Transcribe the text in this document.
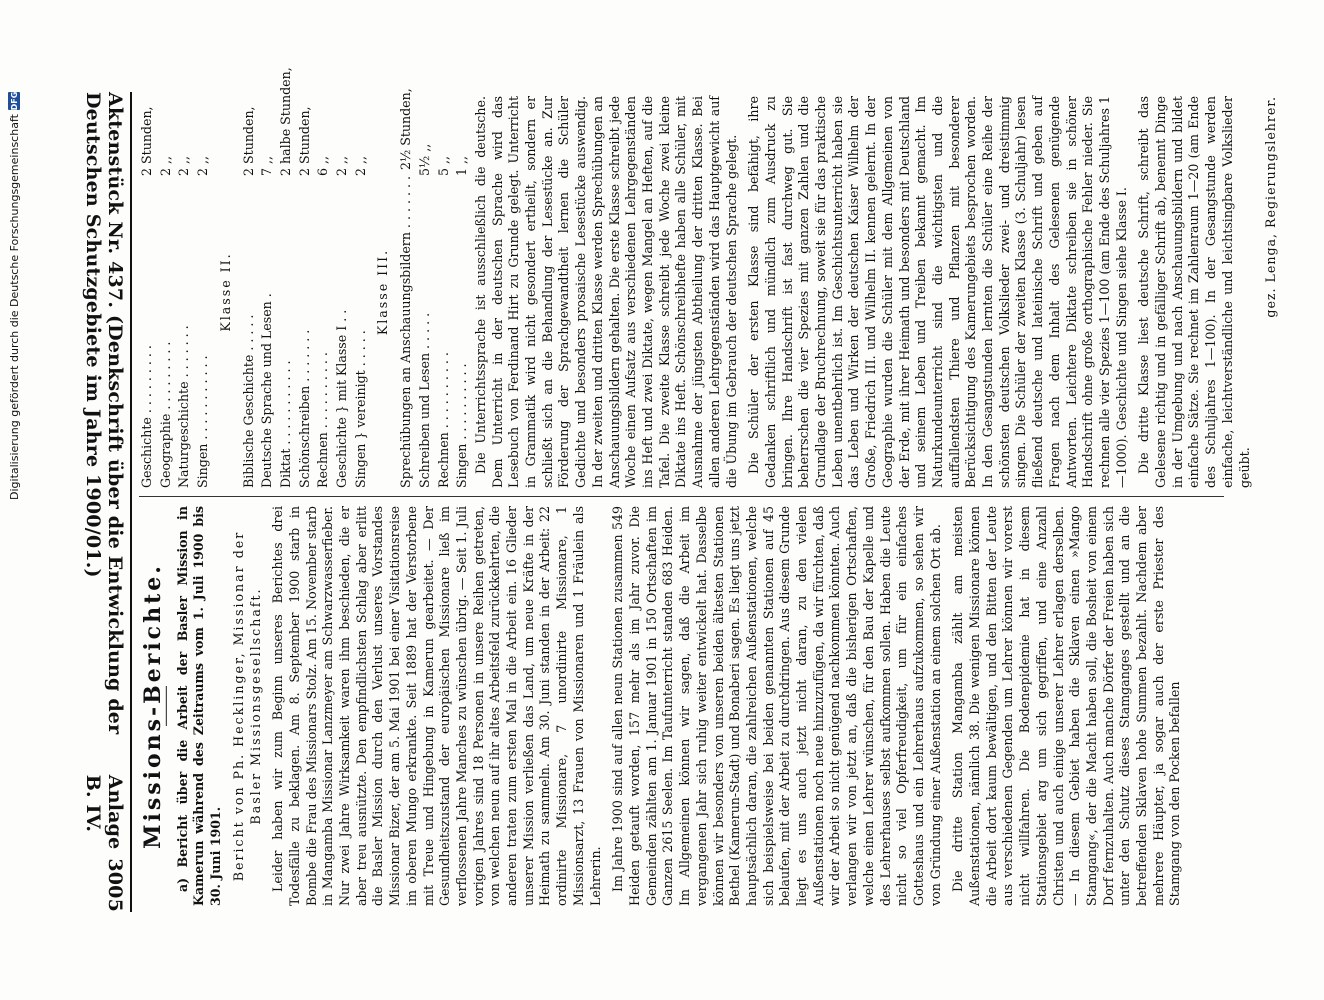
Aktenstück Nr. 437. (Denkschrift über die Entwicklung der Deutschen Schutzgebiete im Jahre 1900/01.)
Anlage B. IV.
3005
Geschichte . . . . . . . . .
2 Stunden,
Geographie . . . . . . . . .
2 ,,
Naturgeschichte . . . . . . .
2 ,,
Singen . . . . . . . . . . .
2 ,,
Klasse II.
Biblische Geschichte . . . . .
2 Stunden,
Deutsche Sprache und Lesen .
7 ,,
Diktat . . . . . . . . . . .
2 halbe Stunden,
Schönschreiben . . . . . . .
2 Stunden,
Rechnen . . . . . . . . . .
6 ,,
Geschichte } mit Klasse I . .
2 ,,
Singen } vereinigt . . . . .
2 ,,
Klasse III. Sprechübungen an Anschauungsbildern . . . . . . .
2½ Stunden,
Schreiben und Lesen . . . . .
5½ ,,
Rechnen . . . . . . . . . .
5 ,,
Singen . . . . . . . . . .
1 ,, Die Unterrichtssprache ist ausschließlich die deutsche. Dem Unterricht in der deutschen Sprache wird das Lesebuch von Ferdinand Hirt zu Grunde gelegt. Unterricht in Grammatik wird nicht gesondert ertheilt, sondern er schließt sich an die Behandlung der Lesestücke an. Zur Förderung der Sprachgewandtheit lernen die Schüler Gedichte und besonders prosaische Lesestücke auswendig. In der zweiten und dritten Klasse werden Sprechübungen an Anschauungsbildern gehalten. Die erste Klasse schreibt jede Woche einen Aufsatz aus verschiedenen Lehrgegenständen ins Heft und zwei Diktate, wegen Mangel an Heften, auf die Tafel. Die zweite Klasse schreibt jede Woche zwei kleine Diktate ins Heft. Schönschreibhefte haben alle Schüler, mit Ausnahme der jüngsten Abtheilung der dritten Klasse. Bei allen anderen Lehrgegenständen wird das Hauptgewicht auf die Übung im Gebrauch der deutschen Sprache gelegt. Die Schüler der ersten Klasse sind befähigt, ihre Gedanken schriftlich und mündlich zum Ausdruck zu bringen. Ihre Handschrift ist fast durchweg gut. Sie beherrschen die vier Spezies mit ganzen Zahlen und die Grundlage der Bruchrechnung, soweit sie für das praktische Leben unentbehrlich ist. Im Geschichtsunterricht haben sie das Leben und Wirken der deutschen Kaiser Wilhelm der Große, Friedrich III. und Wilhelm II. kennen gelernt. In der Geographie wurden die Schüler mit dem Allgemeinen von der Erde, mit ihrer Heimath und besonders mit Deutschland und seinem Leben und Treiben bekannt gemacht. Im Naturkundeunterricht sind die wichtigsten und die auffallendsten Thiere und Pflanzen mit besonderer Berücksichtigung des Kamerungebiets besprochen worden. In den Gesangstunden lernten die Schüler eine Reihe der schönsten deutschen Volkslieder zwei- und dreistimmig singen. Die Schüler der zweiten Klasse (3. Schuljahr) lesen fließend deutsche und lateinische Schrift und geben auf Fragen nach dem Inhalt des Gelesenen genügende Antworten. Leichtere Diktate schreiben sie in schöner Handschrift ohne große orthographische Fehler nieder. Sie rechnen alle vier Spezies 1—100 (am Ende des Schuljahres 1—1000). Geschichte und Singen siehe Klasse I. Die dritte Klasse liest deutsche Schrift, schreibt das Gelesene richtig und in gefälliger Schrift ab, benennt Dinge in der Umgebung und nach Anschauungsbildern und bildet einfache Sätze. Sie rechnet im Zahlenraum 1—20 (am Ende des Schuljahres 1—100). In der Gesangstunde werden einfache, leichtverständliche und leichtsingbare Volkslieder geübt.

gez. Lenga, Regierungslehrer.
Missions-Berichte. a) Bericht über die Arbeit der Basler Mission in Kamerun während des Zeitraums vom 1. Juli 1900 bis 30. Juni 1901. Bericht von Ph. Hecklinger, Missionar der Basler Missionsgesellschaft. Leider haben wir zum Beginn unseres Berichtes drei Todesfälle zu beklagen. Am 8. September 1900 starb in Bombe die Frau des Missionars Stolz. Am 15. November starb in Mangamba Missionar Lanzmeyer am Schwarzwasserfieber. Nur zwei Jahre Wirksamkeit waren ihm beschieden, die er aber treu ausnützte. Den empfindlichsten Schlag aber erlitt die Basler Mission durch den Verlust unseres Vorstandes Missionar Bizer, der am 5. Mai 1901 bei einer Visitationsreise im oberen Mungo erkrankte. Seit 1889 hat der Verstorbene mit Treue und Hingebung in Kamerun gearbeitet. — Der Gesundheitszustand der europäischen Missionare ließ im verflossenen Jahre Manches zu wünschen übrig. — Seit 1. Juli vorigen Jahres sind 18 Personen in unsere Reihen getreten, von welchen neun auf ihr altes Arbeitsfeld zurückkehrten, die anderen traten zum ersten Mal in die Arbeit ein. 16 Glieder unserer Mission verließen das Land, um neue Kräfte in der Heimath zu sammeln. Am 30. Juni standen in der Arbeit: 22 ordinirte Missionare, 7 unordinirte Missionare, 1 Missionsarzt, 13 Frauen von Missionaren und 1 Fräulein als Lehrerin. Im Jahre 1900 sind auf allen neun Stationen zusammen 549 Heiden getauft worden, 157 mehr als im Jahr zuvor. Die Gemeinden zählten am 1. Januar 1901 in 150 Ortschaften im Ganzen 2615 Seelen. Im Taufunterricht standen 683 Heiden. Im Allgemeinen können wir sagen, daß die Arbeit im vergangenen Jahr sich ruhig weiter entwickelt hat. Dasselbe können wir besonders von unseren beiden ältesten Stationen Bethel (Kamerun-Stadt) und Bonaberi sagen. Es liegt uns jetzt hauptsächlich daran, die zahlreichen Außenstationen, welche sich beispielsweise bei beiden genannten Stationen auf 45 belaufen, mit der Arbeit zu durchdringen. Aus diesem Grunde liegt es uns auch jetzt nicht daran, zu den vielen Außenstationen noch neue hinzuzufügen, da wir fürchten, daß wir der Arbeit so nicht genügend nachkommen könnten. Auch verlangen wir von jetzt an, daß die bisherigen Ortschaften, welche einen Lehrer wünschen, für den Bau der Kapelle und des Lehrerhauses selbst aufkommen sollen. Haben die Leute nicht so viel Opferfreudigkeit, um für ein einfaches Gotteshaus und ein Lehrerhaus aufzukommen, so sehen wir von Gründung einer Außenstation an einem solchen Ort ab. Die dritte Station Mangamba zählt am meisten Außenstationen, nämlich 38. Die wenigen Missionare können die Arbeit dort kaum bewältigen, und den Bitten der Leute aus verschiedenen Gegenden um Lehrer können wir vorerst nicht willfahren. Die Bodenepidemie hat in diesem Stationsgebiet arg um sich gegriffen, und eine Anzahl Christen und auch einige unserer Lehrer erlagen derselben. — In diesem Gebiet haben die Sklaven einen »Mango Stamgang«, der die Macht haben soll, die Bosheit von einem Dorf fernzuhalten. Auch manche Dörfer der Freien haben sich unter den Schutz dieses Stamganges gestellt und an die betreffenden Sklaven hohe Summen bezahlt. Nachdem aber mehrere Häupter, ja sogar auch der erste Priester des Stamgang von den Pocken befallen

Digitalisierung gefördert durch die Deutsche Forschungsgemeinschaft
DFG
